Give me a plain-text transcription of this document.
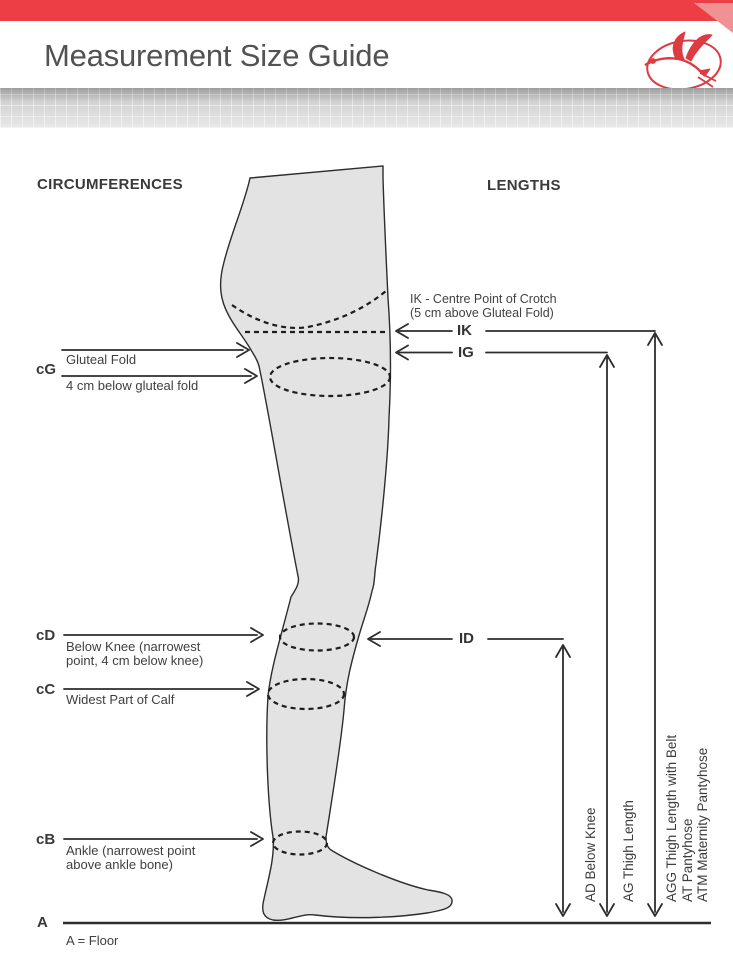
Measurement Size Guide
CIRCUMFERENCES	LENGTHS
cG
Gluteal Fold
4 cm below gluteal fold
cD
Below Knee (narrowest
point, 4 cm below knee)
cC
Widest Part of Calf
cB
Ankle (narrowest point
above ankle bone)
A
A = Floor
IK - Centre Point of Crotch
(5 cm above Gluteal Fold)
IK
IG
ID
AD Below Knee AG Thigh Length AGG Thigh Length with Belt AT Pantyhose ATM Maternity Pantyhose
